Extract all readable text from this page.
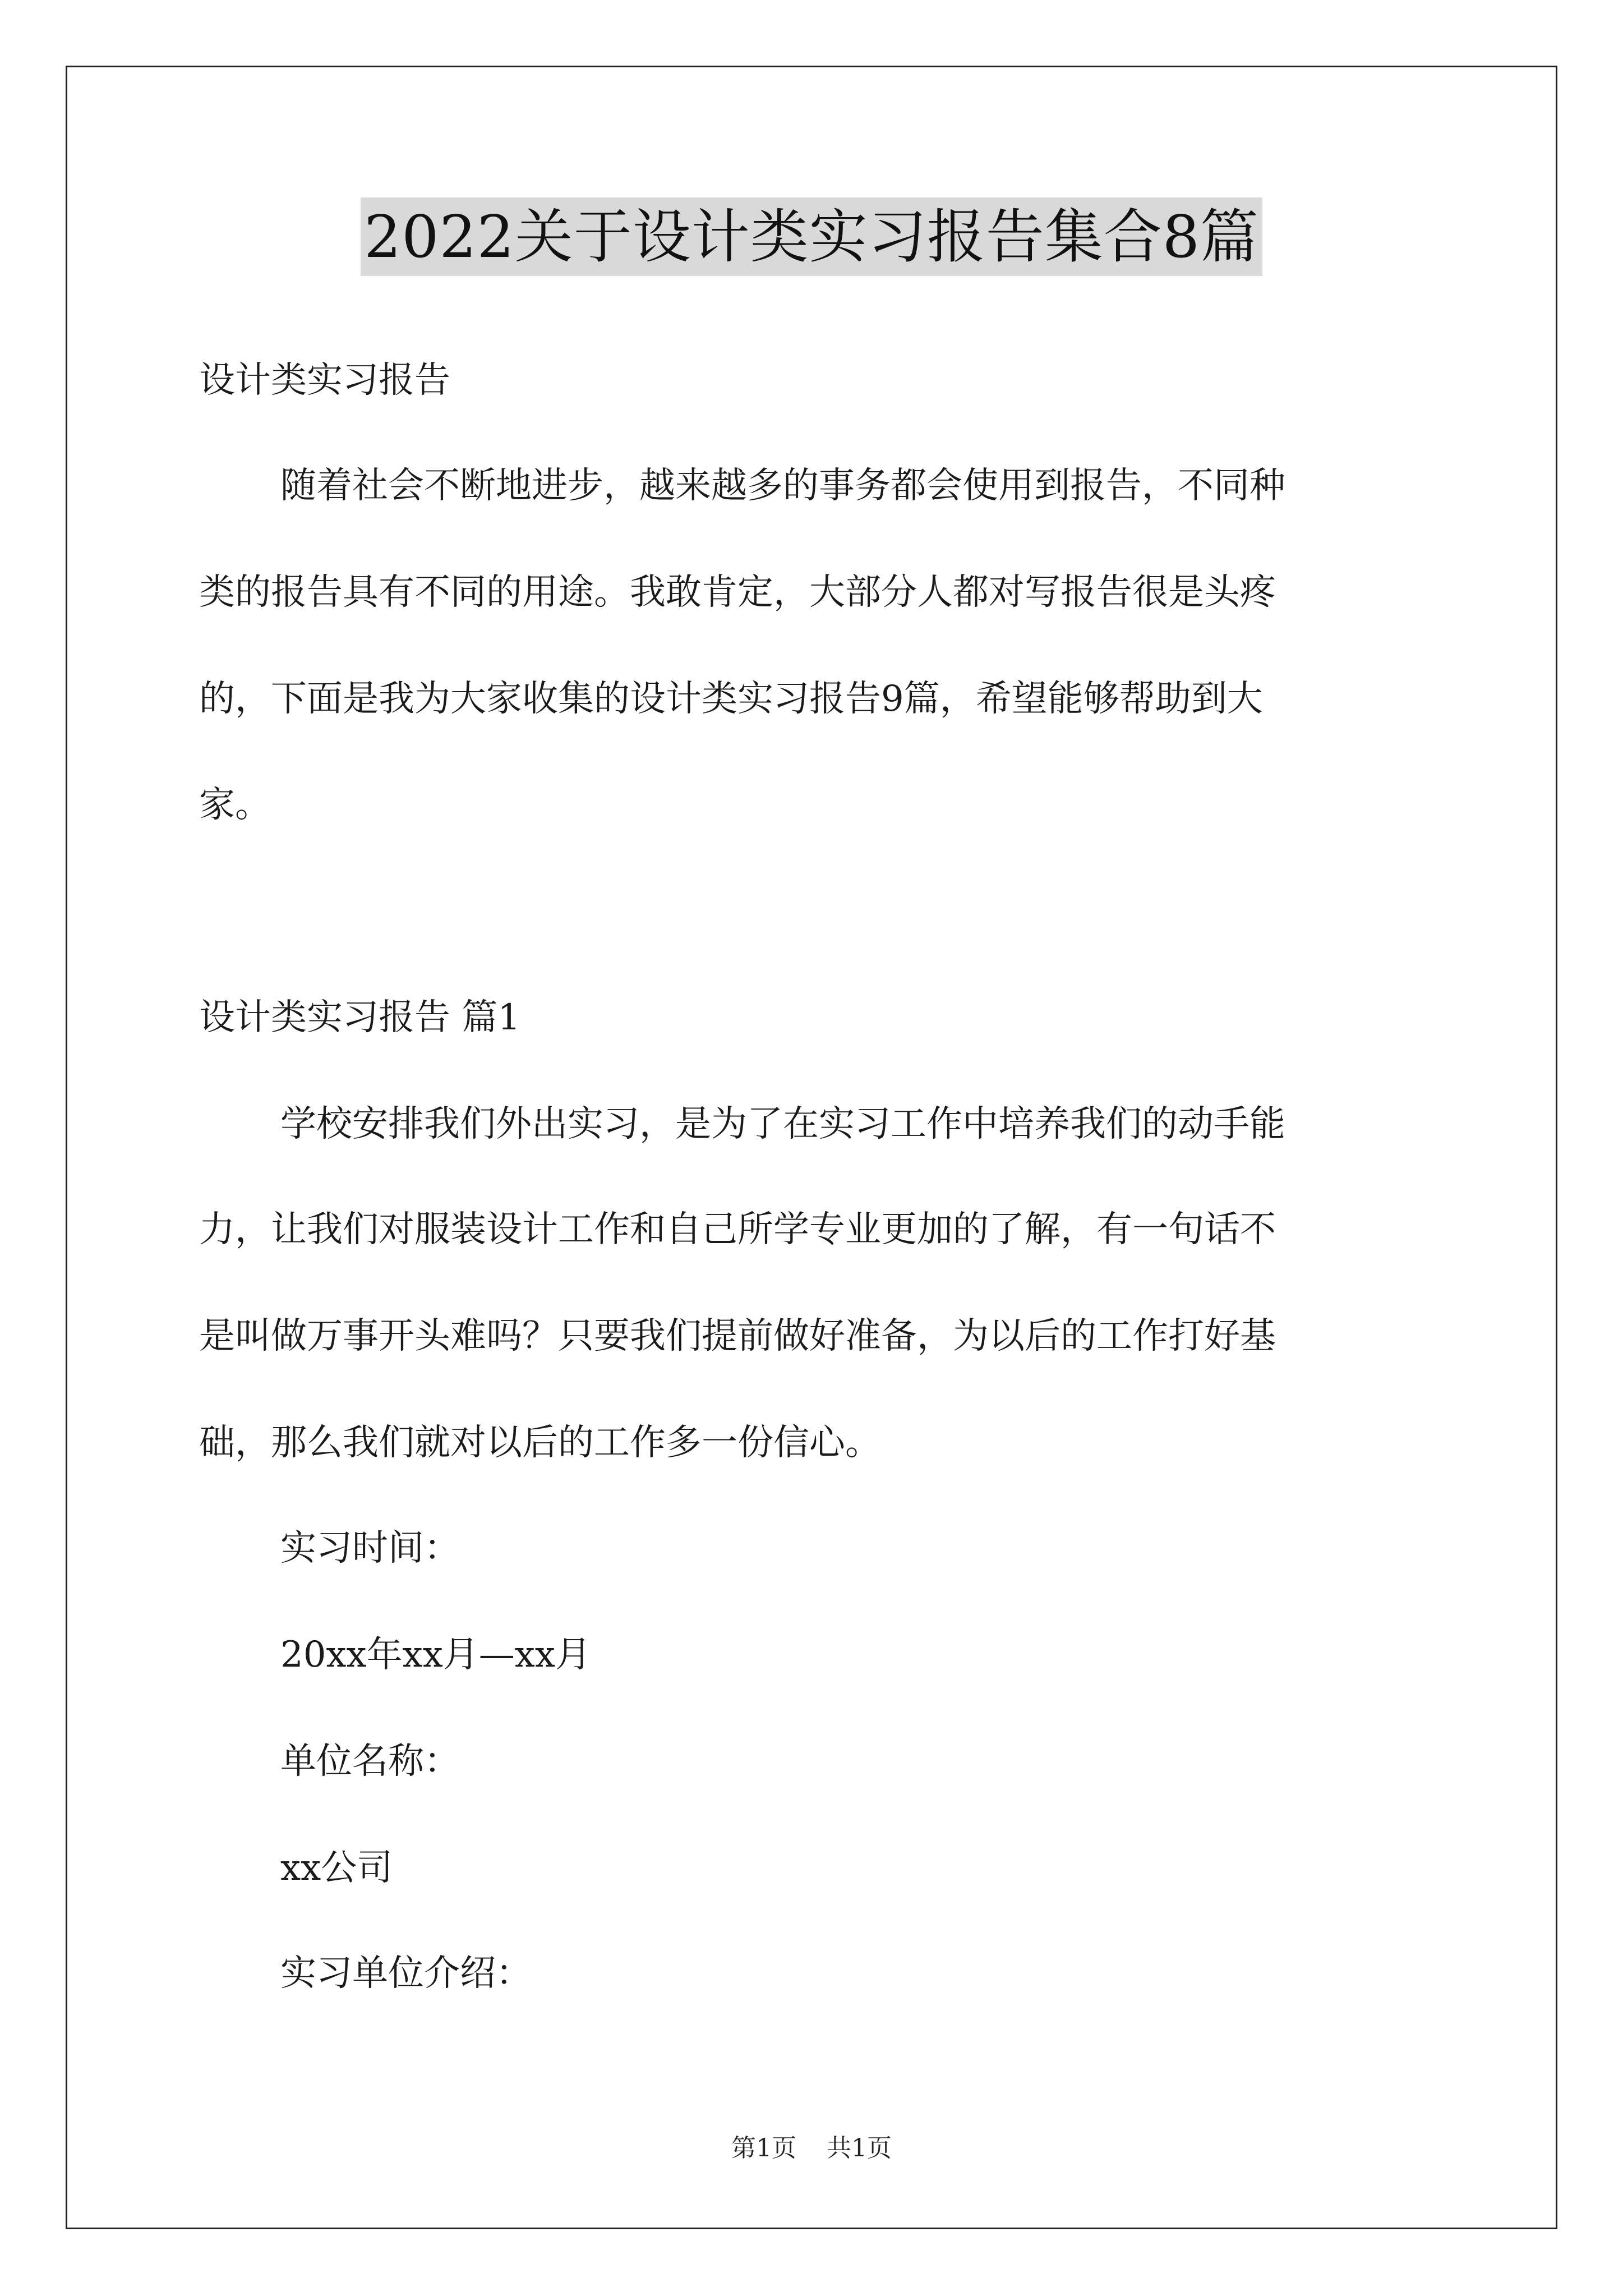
2022关于设计类实习报告集合8篇
设计类实习报告
随着社会不断地进步，越来越多的事务都会使用到报告，不同种
类的报告具有不同的用途。我敢肯定，大部分人都对写报告很是头疼
的，下面是我为大家收集的设计类实习报告9篇，希望能够帮助到大
家。
设计类实习报告 篇1
学校安排我们外出实习，是为了在实习工作中培养我们的动手能
力，让我们对服装设计工作和自己所学专业更加的了解，有一句话不
是叫做万事开头难吗？只要我们提前做好准备，为以后的工作打好基
础，那么我们就对以后的工作多一份信心。
实习时间：
20xx年xx月—xx月
单位名称：
xx公司
实习单位介绍：
第1页 共1页
